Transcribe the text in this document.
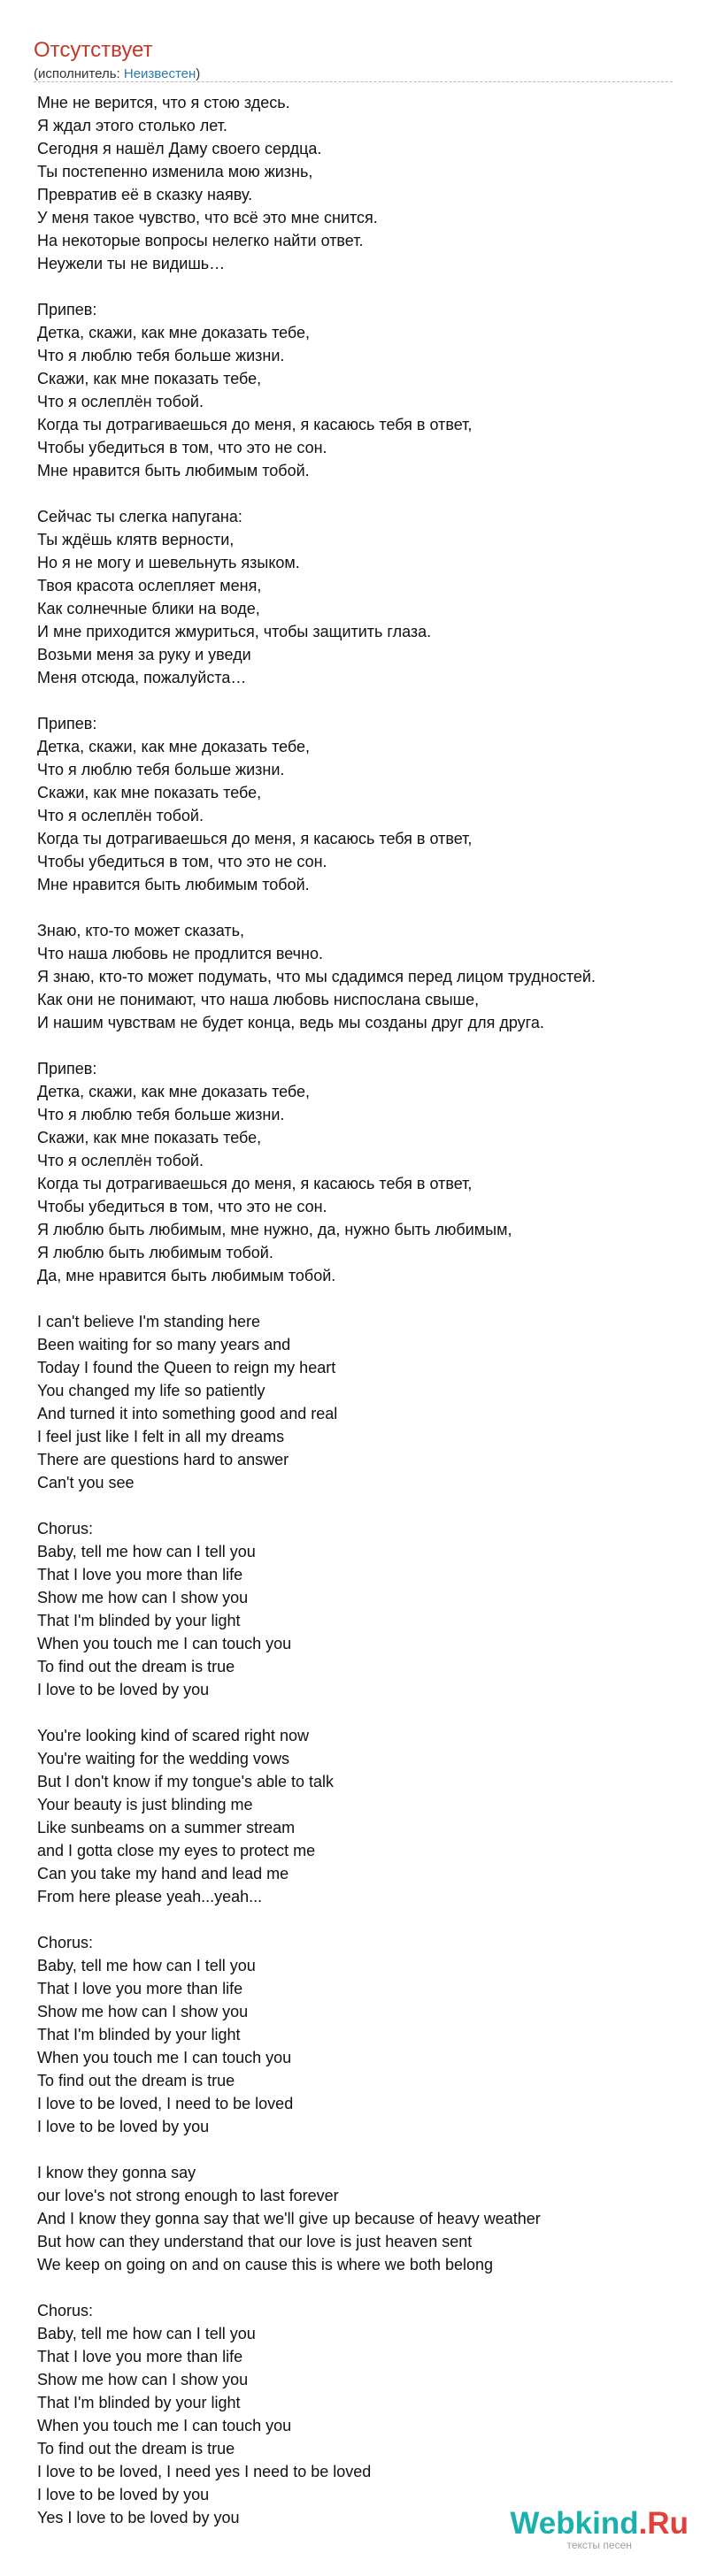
Отсутствует
(исполнитель: Неизвестен)
Мне не верится, что я стою здесь.
Я ждал этого столько лет.
Сегодня я нашёл Даму своего сердца.
Ты постепенно изменила мою жизнь,
Превратив её в сказку наяву.
У меня такое чувство, что всё это мне снится.
На некоторые вопросы нелегко найти ответ.
Неужели ты не видишь…
Припев:
Детка, скажи, как мне доказать тебе,
Что я люблю тебя больше жизни.
Скажи, как мне показать тебе,
Что я ослеплён тобой.
Когда ты дотрагиваешься до меня, я касаюсь тебя в ответ,
Чтобы убедиться в том, что это не сон.
Мне нравится быть любимым тобой.
Сейчас ты слегка напугана:
Ты ждёшь клятв верности,
Но я не могу и шевельнуть языком.
Твоя красота ослепляет меня,
Как солнечные блики на воде,
И мне приходится жмуриться, чтобы защитить глаза.
Возьми меня за руку и уведи
Меня отсюда, пожалуйста…
Припев:
Детка, скажи, как мне доказать тебе,
Что я люблю тебя больше жизни.
Скажи, как мне показать тебе,
Что я ослеплён тобой.
Когда ты дотрагиваешься до меня, я касаюсь тебя в ответ,
Чтобы убедиться в том, что это не сон.
Мне нравится быть любимым тобой.
Знаю, кто-то может сказать,
Что наша любовь не продлится вечно.
Я знаю, кто-то может подумать, что мы сдадимся перед лицом трудностей.
Как они не понимают, что наша любовь ниспослана свыше,
И нашим чувствам не будет конца, ведь мы созданы друг для друга.
Припев:
Детка, скажи, как мне доказать тебе,
Что я люблю тебя больше жизни.
Скажи, как мне показать тебе,
Что я ослеплён тобой.
Когда ты дотрагиваешься до меня, я касаюсь тебя в ответ,
Чтобы убедиться в том, что это не сон.
Я люблю быть любимым, мне нужно, да, нужно быть любимым,
Я люблю быть любимым тобой.
Да, мне нравится быть любимым тобой.
I can't believe I'm standing here
Been waiting for so many years and
Today I found the Queen to reign my heart
You changed my life so patiently
And turned it into something good and real
I feel just like I felt in all my dreams
There are questions hard to answer
Can't you see
Chorus:
Baby, tell me how can I tell you
That I love you more than life
Show me how can I show you
That I'm blinded by your light
When you touch me I can touch you
To find out the dream is true
I love to be loved by you
You're looking kind of scared right now
You're waiting for the wedding vows
But I don't know if my tongue's able to talk
Your beauty is just blinding me
Like sunbeams on a summer stream
and I gotta close my eyes to protect me
Can you take my hand and lead me
From here please yeah...yeah...
Chorus:
Baby, tell me how can I tell you
That I love you more than life
Show me how can I show you
That I'm blinded by your light
When you touch me I can touch you
To find out the dream is true
I love to be loved, I need to be loved
I love to be loved by you
I know they gonna say
our love's not strong enough to last forever
And I know they gonna say that we'll give up because of heavy weather
But how can they understand that our love is just heaven sent
We keep on going on and on cause this is where we both belong
Chorus:
Baby, tell me how can I tell you
That I love you more than life
Show me how can I show you
That I'm blinded by your light
When you touch me I can touch you
To find out the dream is true
I love to be loved, I need yes I need to be loved
I love to be loved by you
Yes I love to be loved by you	Webkind.Ru
тексты песен
